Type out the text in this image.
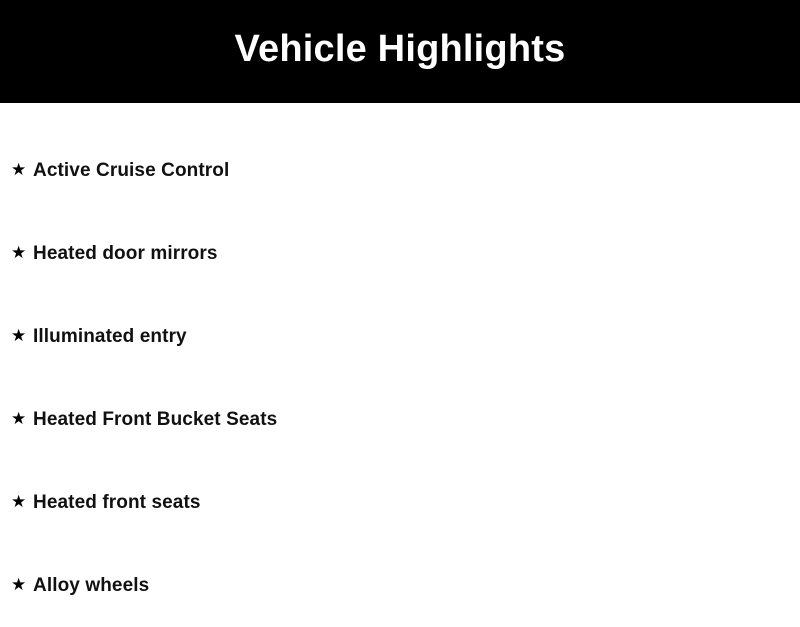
Vehicle Highlights
★ Active Cruise Control
★ Heated door mirrors
★ Illuminated entry
★ Heated Front Bucket Seats
★ Heated front seats
★ Alloy wheels
